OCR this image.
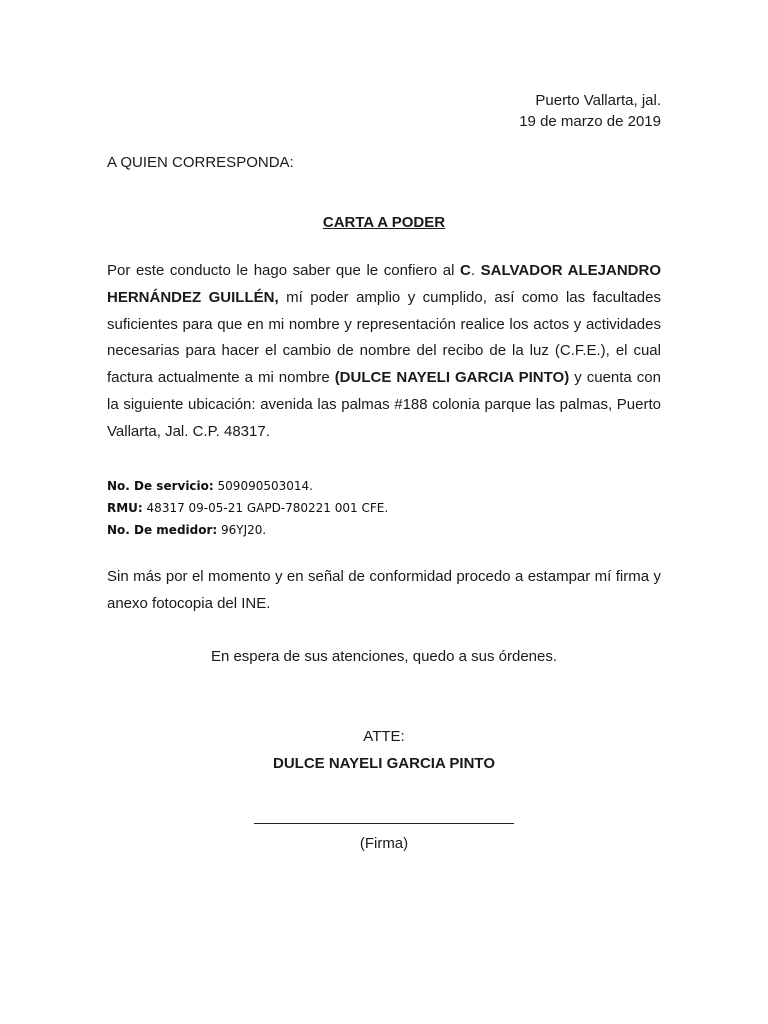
Puerto Vallarta, jal.
19 de marzo de 2019
A QUIEN CORRESPONDA:
CARTA A PODER

Por este conducto le hago saber que le confiero al C. SALVADOR ALEJANDRO HERNÁNDEZ GUILLÉN, mí poder amplio y cumplido, así como las facultades suficientes para que en mi nombre y representación realice los actos y actividades necesarias para hacer el cambio de nombre del recibo de la luz (C.F.E.), el cual factura actualmente a mi nombre (DULCE NAYELI GARCIA PINTO) y cuenta con la siguiente ubicación: avenida las palmas #188 colonia parque las palmas, Puerto Vallarta, Jal. C.P. 48317.

No. De servicio: 509090503014.
RMU: 48317 09-05-21 GAPD-780221 001 CFE.
No. De medidor: 96YJ20.

Sin más por el momento y en señal de conformidad procedo a estampar mí firma y anexo fotocopia del INE.

En espera de sus atenciones, quedo a sus órdenes.
ATTE:
DULCE NAYELI GARCIA PINTO
(Firma)
